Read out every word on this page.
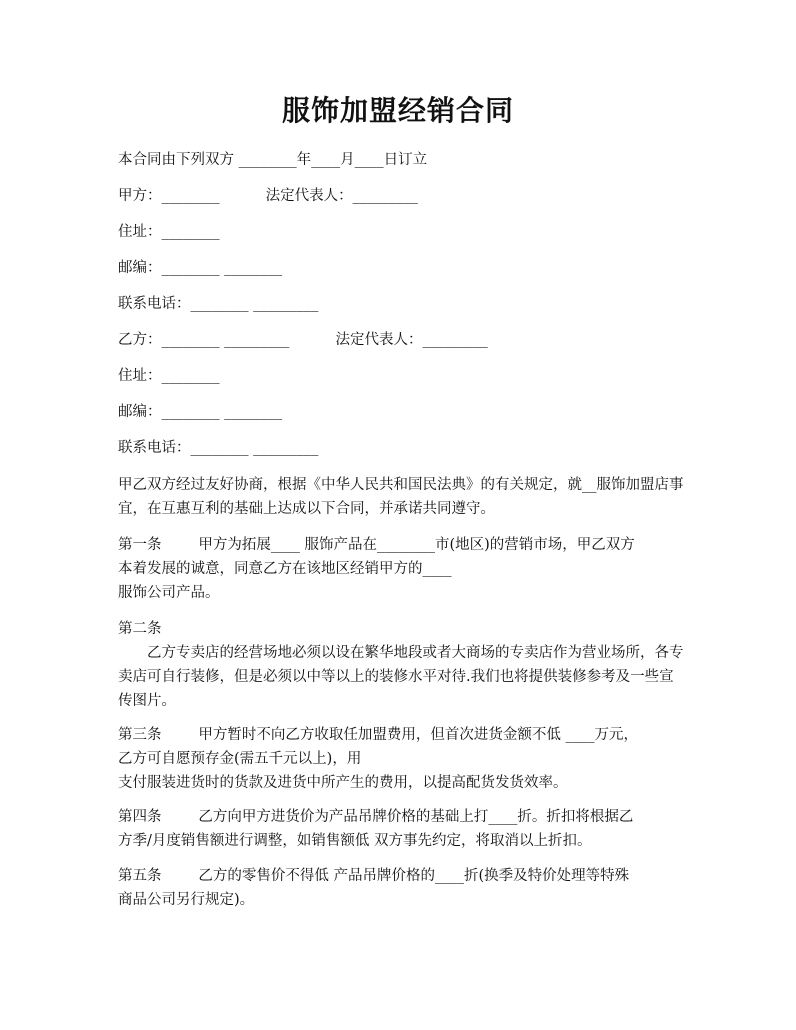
服饰加盟经销合同
本合同由下列双方 ________年____月____日订立
甲方：________          法定代表人：_________
住址：________
邮编：________ ________
联系电话：________ _________
乙方：________ _________          法定代表人：_________
住址：________
邮编：________ ________
联系电话：________ _________
甲乙双方经过友好协商，根据《中华人民共和国民法典》的有关规定，就__服饰加盟店事宜，在互惠互利的基础上达成以下合同，并承诺共同遵守。
第一条        甲方为拓展____ 服饰产品在________市(地区)的营销市场，甲乙双方
本着发展的诚意，同意乙方在该地区经销甲方的____
服饰公司产品。
第二条
乙方专卖店的经营场地必须以设在繁华地段或者大商场的专卖店作为营业场所，各专卖店可自行装修，但是必须以中等以上的装修水平对待.我们也将提供装修参考及一些宣传图片。
第三条        甲方暂时不向乙方收取任加盟费用，但首次进货金额不低 ____万元，
乙方可自愿预存金(需五千元以上)，用
支付服装进货时的货款及进货中所产生的费用，以提高配货发货效率。
第四条        乙方向甲方进货价为产品吊牌价格的基础上打____折。折扣将根据乙
方季/月度销售额进行调整，如销售额低 双方事先约定，将取消以上折扣。
第五条        乙方的零售价不得低 产品吊牌价格的____折(换季及特价处理等特殊
商品公司另行规定)。
